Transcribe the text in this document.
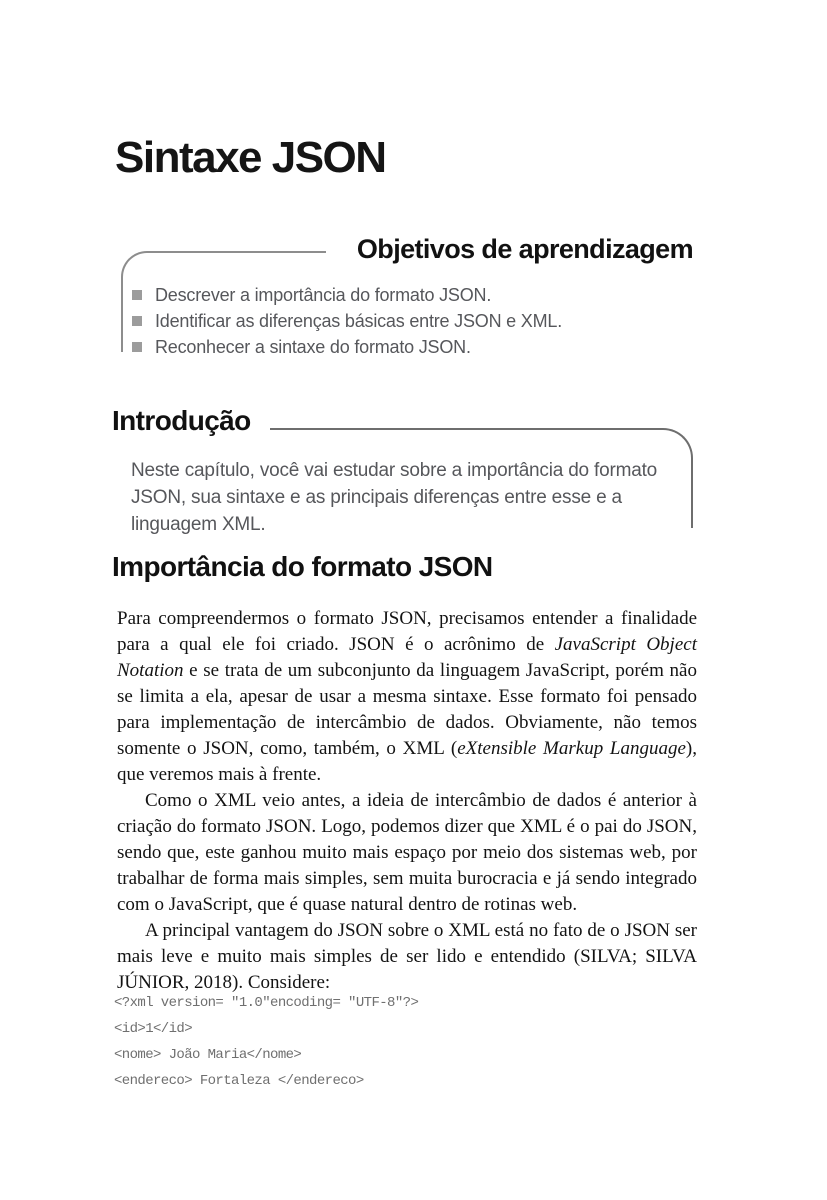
Sintaxe JSON
Objetivos de aprendizagem
Descrever a importância do formato JSON.
Identificar as diferenças básicas entre JSON e XML.
Reconhecer a sintaxe do formato JSON.
Introdução

Neste capítulo, você vai estudar sobre a importância do formato JSON, sua sintaxe e as principais diferenças entre esse e a linguagem XML.

Importância do formato JSON

Para compreendermos o formato JSON, precisamos entender a finalidade para a qual ele foi criado. JSON é o acrônimo de JavaScript Object Notation e se trata de um subconjunto da linguagem JavaScript, porém não se limita a ela, apesar de usar a mesma sintaxe. Esse formato foi pensado para implementação de intercâmbio de dados. Obviamente, não temos somente o JSON, como, também, o XML (eXtensible Markup Language), que veremos mais à frente.

Como o XML veio antes, a ideia de intercâmbio de dados é anterior à criação do formato JSON. Logo, podemos dizer que XML é o pai do JSON, sendo que, este ganhou muito mais espaço por meio dos sistemas web, por trabalhar de forma mais simples, sem muita burocracia e já sendo integrado com o JavaScript, que é quase natural dentro de rotinas web.

A principal vantagem do JSON sobre o XML está no fato de o JSON ser mais leve e muito mais simples de ser lido e entendido (SILVA; SILVA JÚNIOR, 2018). Considere:

<?xml version= "1.0"encoding= "UTF-8"?>
<id>1</id>
<nome> João Maria</nome>
<endereco> Fortaleza </endereco>
